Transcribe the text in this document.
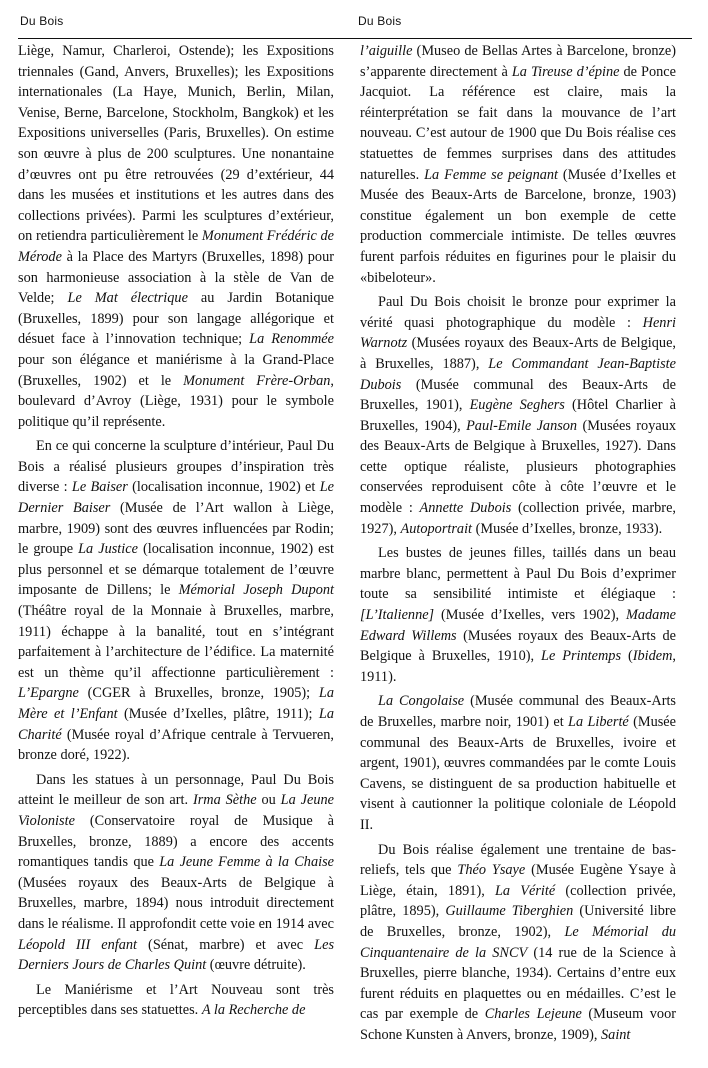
Du Bois	Du Bois

Liège, Namur, Charleroi, Ostende); les Expositions triennales (Gand, Anvers, Bruxelles); les Expositions internationales (La Haye, Munich, Berlin, Milan, Venise, Berne, Barcelone, Stockholm, Bangkok) et les Expositions universelles (Paris, Bruxelles). On estime son œuvre à plus de 200 sculptures. Une nonantaine d’œuvres ont pu être retrouvées (29 d’extérieur, 44 dans les musées et institutions et les autres dans des collections privées). Parmi les sculptures d’extérieur, on retiendra particulièrement le Monument Frédéric de Mérode à la Place des Martyrs (Bruxelles, 1898) pour son harmonieuse association à la stèle de Van de Velde; Le Mat électrique au Jardin Botanique (Bruxelles, 1899) pour son langage allégorique et désuet face à l’innovation technique; La Renommée pour son élégance et maniérisme à la Grand-Place (Bruxelles, 1902) et le Monument Frère-Orban, boulevard d’Avroy (Liège, 1931) pour le symbole politique qu’il représente.

En ce qui concerne la sculpture d’intérieur, Paul Du Bois a réalisé plusieurs groupes d’inspiration très diverse : Le Baiser (localisation inconnue, 1902) et Le Dernier Baiser (Musée de l’Art wallon à Liège, marbre, 1909) sont des œuvres influencées par Rodin; le groupe La Justice (localisation inconnue, 1902) est plus personnel et se démarque totalement de l’œuvre imposante de Dillens; le Mémorial Joseph Dupont (Théâtre royal de la Monnaie à Bruxelles, marbre, 1911) échappe à la banalité, tout en s’intégrant parfaitement à l’architecture de l’édifice. La maternité est un thème qu’il affectionne particulièrement : L’Epargne (CGER à Bruxelles, bronze, 1905); La Mère et l’Enfant (Musée d’Ixelles, plâtre, 1911); La Charité (Musée royal d’Afrique centrale à Tervueren, bronze doré, 1922).

Dans les statues à un personnage, Paul Du Bois atteint le meilleur de son art. Irma Sèthe ou La Jeune Violoniste (Conservatoire royal de Musique à Bruxelles, bronze, 1889) a encore des accents romantiques tandis que La Jeune Femme à la Chaise (Musées royaux des Beaux-Arts de Belgique à Bruxelles, marbre, 1894) nous introduit directement dans le réalisme. Il approfondit cette voie en 1914 avec Léopold III enfant (Sénat, marbre) et avec Les Derniers Jours de Charles Quint (œuvre détruite).

Le Maniérisme et l’Art Nouveau sont très perceptibles dans ses statuettes. A la Recherche de

l’aiguille (Museo de Bellas Artes à Barcelone, bronze) s’apparente directement à La Tireuse d’épine de Ponce Jacquiot. La référence est claire, mais la réinterprétation se fait dans la mouvance de l’art nouveau. C’est autour de 1900 que Du Bois réalise ces statuettes de femmes surprises dans des attitudes naturelles. La Femme se peignant (Musée d’Ixelles et Musée des Beaux-Arts de Barcelone, bronze, 1903) constitue également un bon exemple de cette production commerciale intimiste. De telles œuvres furent parfois réduites en figurines pour le plaisir du «bibeloteur».

Paul Du Bois choisit le bronze pour exprimer la vérité quasi photographique du modèle : Henri Warnotz (Musées royaux des Beaux-Arts de Belgique, à Bruxelles, 1887), Le Commandant Jean-Baptiste Dubois (Musée communal des Beaux-Arts de Bruxelles, 1901), Eugène Seghers (Hôtel Charlier à Bruxelles, 1904), Paul-Emile Janson (Musées royaux des Beaux-Arts de Belgique à Bruxelles, 1927). Dans cette optique réaliste, plusieurs photographies conservées reproduisent côte à côte l’œuvre et le modèle : Annette Dubois (collection privée, marbre, 1927), Autoportrait (Musée d’Ixelles, bronze, 1933).

Les bustes de jeunes filles, taillés dans un beau marbre blanc, permettent à Paul Du Bois d’exprimer toute sa sensibilité intimiste et élégiaque : [L’Italienne] (Musée d’Ixelles, vers 1902), Madame Edward Willems (Musées royaux des Beaux-Arts de Belgique à Bruxelles, 1910), Le Printemps (Ibidem, 1911).

La Congolaise (Musée communal des Beaux-Arts de Bruxelles, marbre noir, 1901) et La Liberté (Musée communal des Beaux-Arts de Bruxelles, ivoire et argent, 1901), œuvres commandées par le comte Louis Cavens, se distinguent de sa production habituelle et visent à cautionner la politique coloniale de Léopold II.

Du Bois réalise également une trentaine de bas-reliefs, tels que Théo Ysaye (Musée Eugène Ysaye à Liège, étain, 1891), La Vérité (collection privée, plâtre, 1895), Guillaume Tiberghien (Université libre de Bruxelles, bronze, 1902), Le Mémorial du Cinquantenaire de la SNCV (14 rue de la Science à Bruxelles, pierre blanche, 1934). Certains d’entre eux furent réduits en plaquettes ou en médailles. C’est le cas par exemple de Charles Lejeune (Museum voor Schone Kunsten à Anvers, bronze, 1909), Saint
